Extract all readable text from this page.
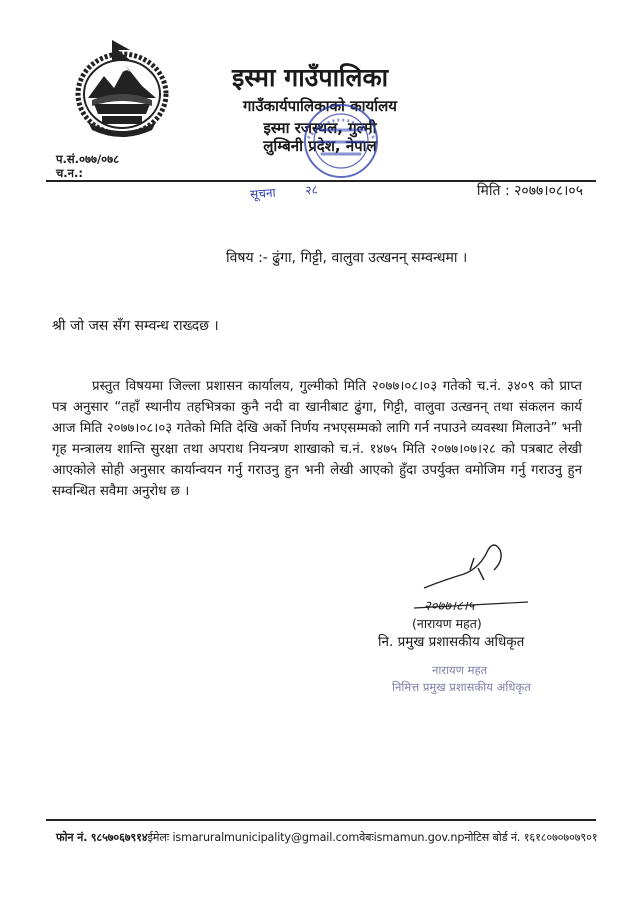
इस्मा गाउँपालिका
गाउँकार्यपालिकाको कार्यालय
इस्मा रजस्थल, गुल्मी
लुम्बिनी प्रदेश, नेपाल
प.सं.०७७/०७८
च.न.:
सूचना २८	मिति : २०७७।०८।०५
विषय :- ढुंगा, गिट्टी, वालुवा उत्खनन् सम्वन्धमा ।
श्री जो जस सँग सम्वन्ध राख्दछ ।
प्रस्तुत विषयमा जिल्ला प्रशासन कार्यालय, गुल्मीको मिति २०७७।०८।०३ गतेको च.नं. ३४०९ को प्राप्त पत्र अनुसार “तहाँ स्थानीय तहभित्रका कुनै नदी वा खानीबाट ढुंगा, गिट्टी, वालुवा उत्खनन् तथा संकलन कार्य आज मिति २०७७।०८।०३ गतेको मिति देखि अर्को निर्णय नभएसम्मको लागि गर्न नपाउने व्यवस्था मिलाउने” भनी गृह मन्त्रालय शान्ति सुरक्षा तथा अपराध नियन्त्रण शाखाको च.नं. १४७५ मिति २०७७।०७।२८ को पत्रबाट लेखी आएकोले सोही अनुसार कार्यान्वयन गर्नु गराउनु हुन भनी लेखी आएको हुँदा उपर्युक्त वमोजिम गर्नु गराउनु हुन सम्वन्धित सवैमा अनुरोध छ ।
२०७७।८।५
(नारायण महत)
नि. प्रमुख प्रशासकीय अधिकृत
नारायण महत
निमित्त प्रमुख प्रशासकीय अधिकृत
फोन नं. ९८५७०६७९१४ईमेलः ismaruralmunicipality@gmail.comवेबःismamun.gov.npनोटिस बोर्ड नं. १६१८०७०७०७९०१
